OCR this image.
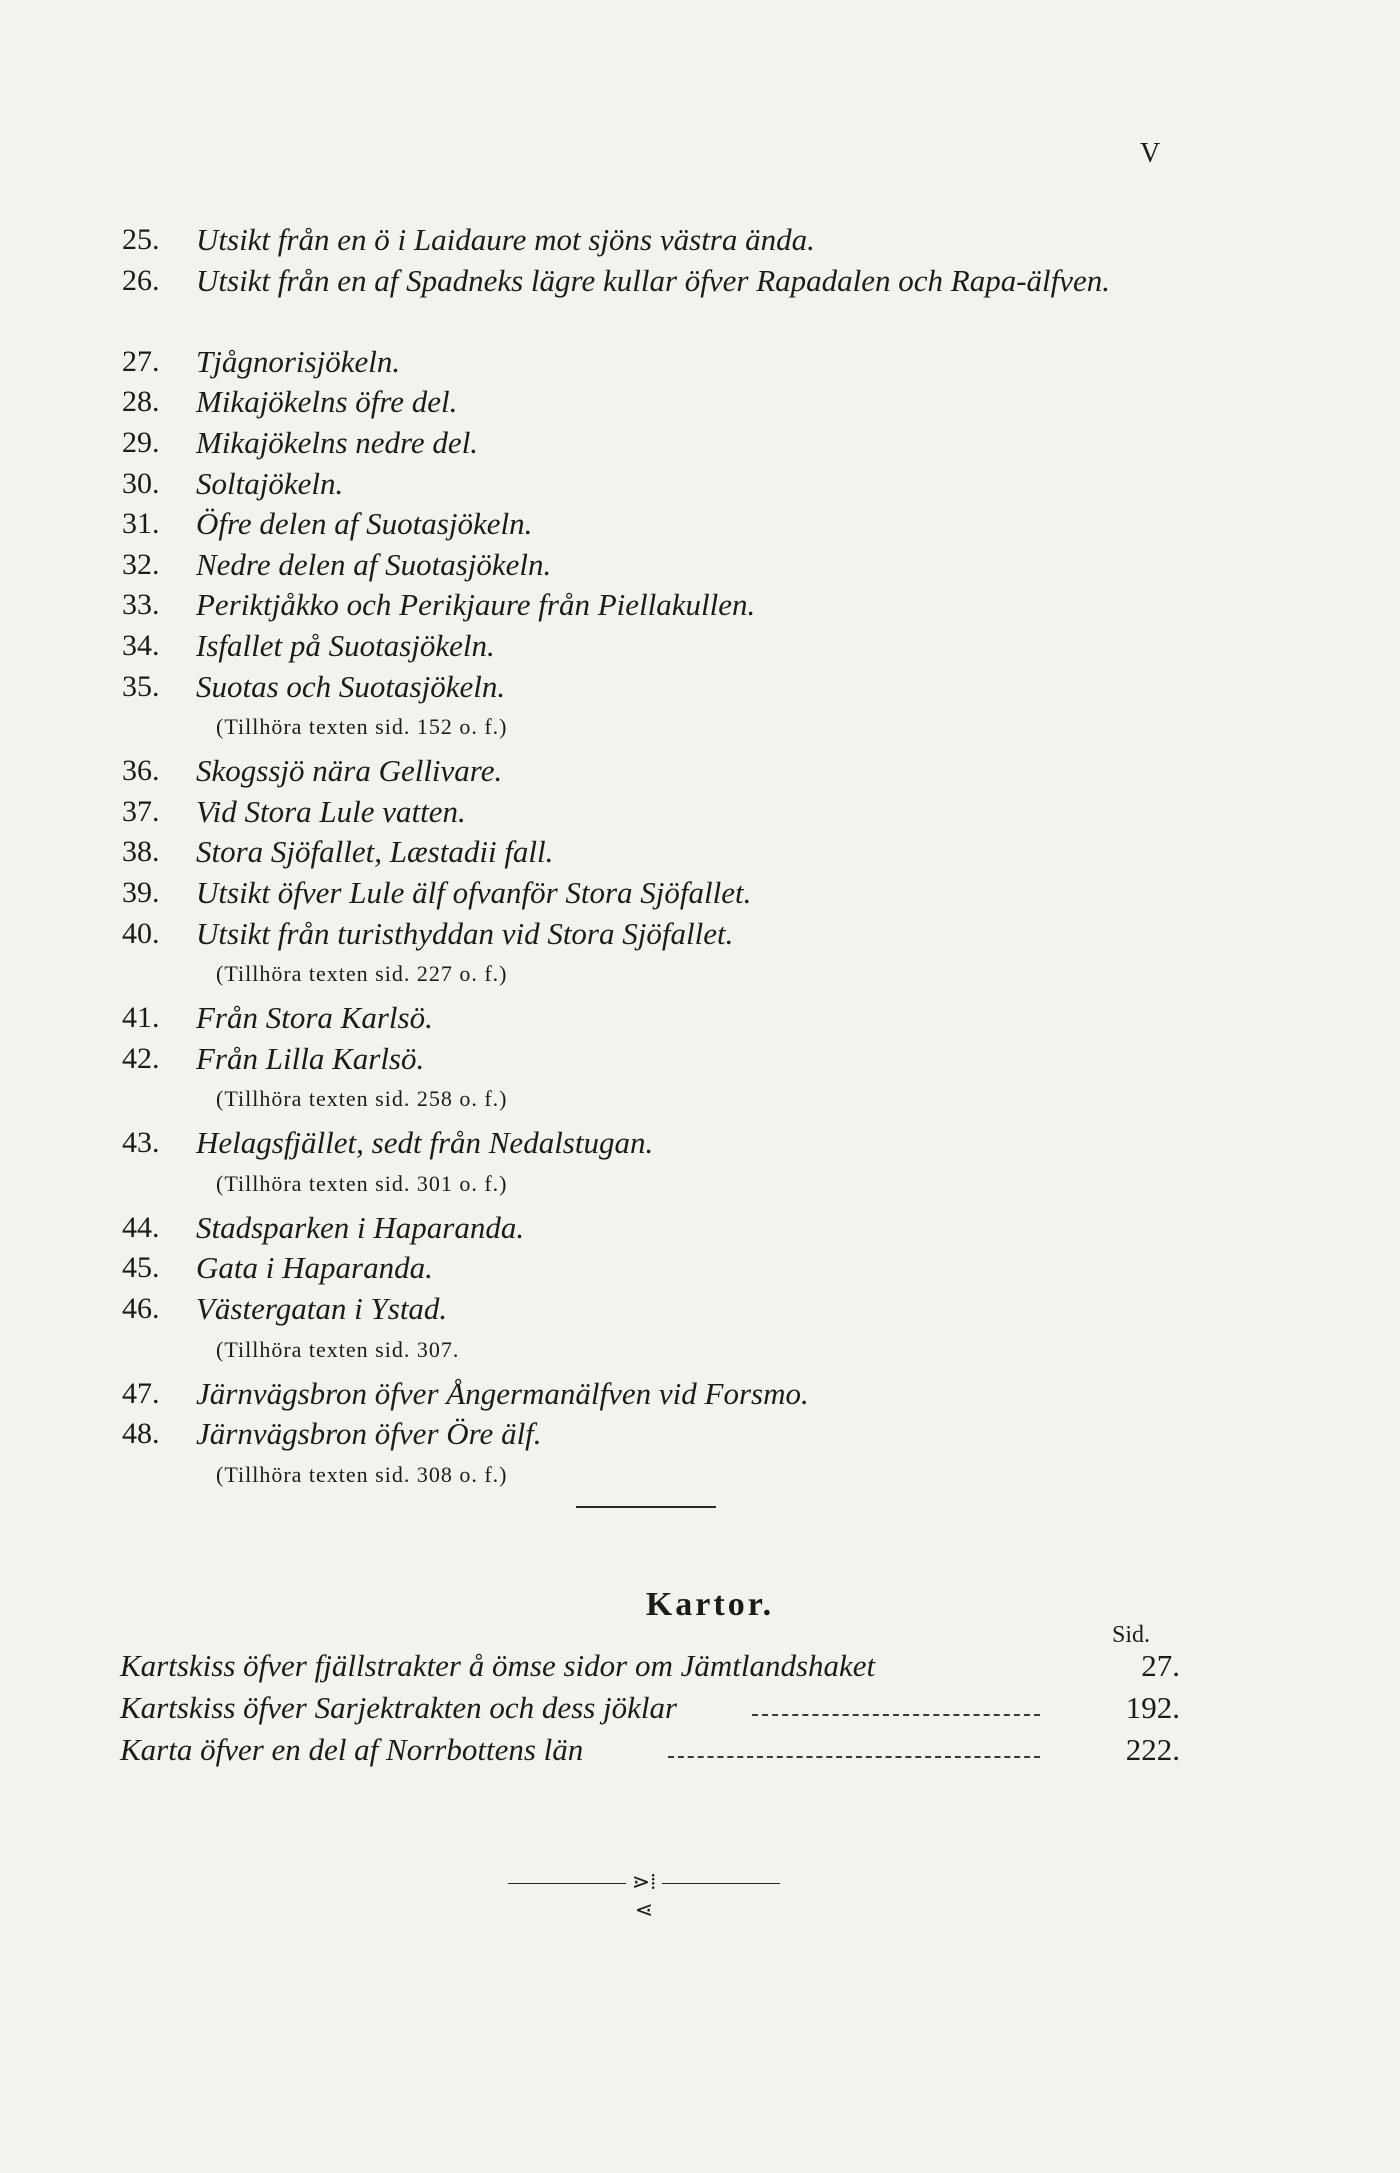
V
25. Utsikt från en ö i Laidaure mot sjöns västra ända.
26. Utsikt från en af Spadneks lägre kullar öfver Rapadalen och Rapa-älfven.
27. Tjågnorisjökeln.
28. Mikajökelns öfre del.
29. Mikajökelns nedre del.
30. Soltajökeln.
31. Öfre delen af Suotasjökeln.
32. Nedre delen af Suotasjökeln.
33. Periktjåkko och Perikjaure från Piellakullen.
34. Isfallet på Suotasjökeln.
35. Suotas och Suotasjökeln.
(Tillhöra texten sid. 152 o. f.)
36. Skogssjö nära Gellivare.
37. Vid Stora Lule vatten.
38. Stora Sjöfallet, Læstadii fall.
39. Utsikt öfver Lule älf ofvanför Stora Sjöfallet.
40. Utsikt från turisthyddan vid Stora Sjöfallet.
(Tillhöra texten sid. 227 o. f.)
41. Från Stora Karlsö.
42. Från Lilla Karlsö.
(Tillhöra texten sid. 258 o. f.)
43. Helagsfjället, sedt från Nedalstugan.
(Tillhöra texten sid. 301 o. f.)
44. Stadsparken i Haparanda.
45. Gata i Haparanda.
46. Västergatan i Ystad.
(Tillhöra texten sid. 307.
47. Järnvägsbron öfver Ångermanälfven vid Forsmo.
48. Järnvägsbron öfver Öre älf.
(Tillhöra texten sid. 308 o. f.)
Kartor.
Sid.
Kartskiss öfver fjällstrakter å ömse sidor om Jämtlandshaket	27.
Kartskiss öfver Sarjektrakten och dess jöklar	192.
Karta öfver en del af Norrbottens län	222.
⋗⁞⋖
